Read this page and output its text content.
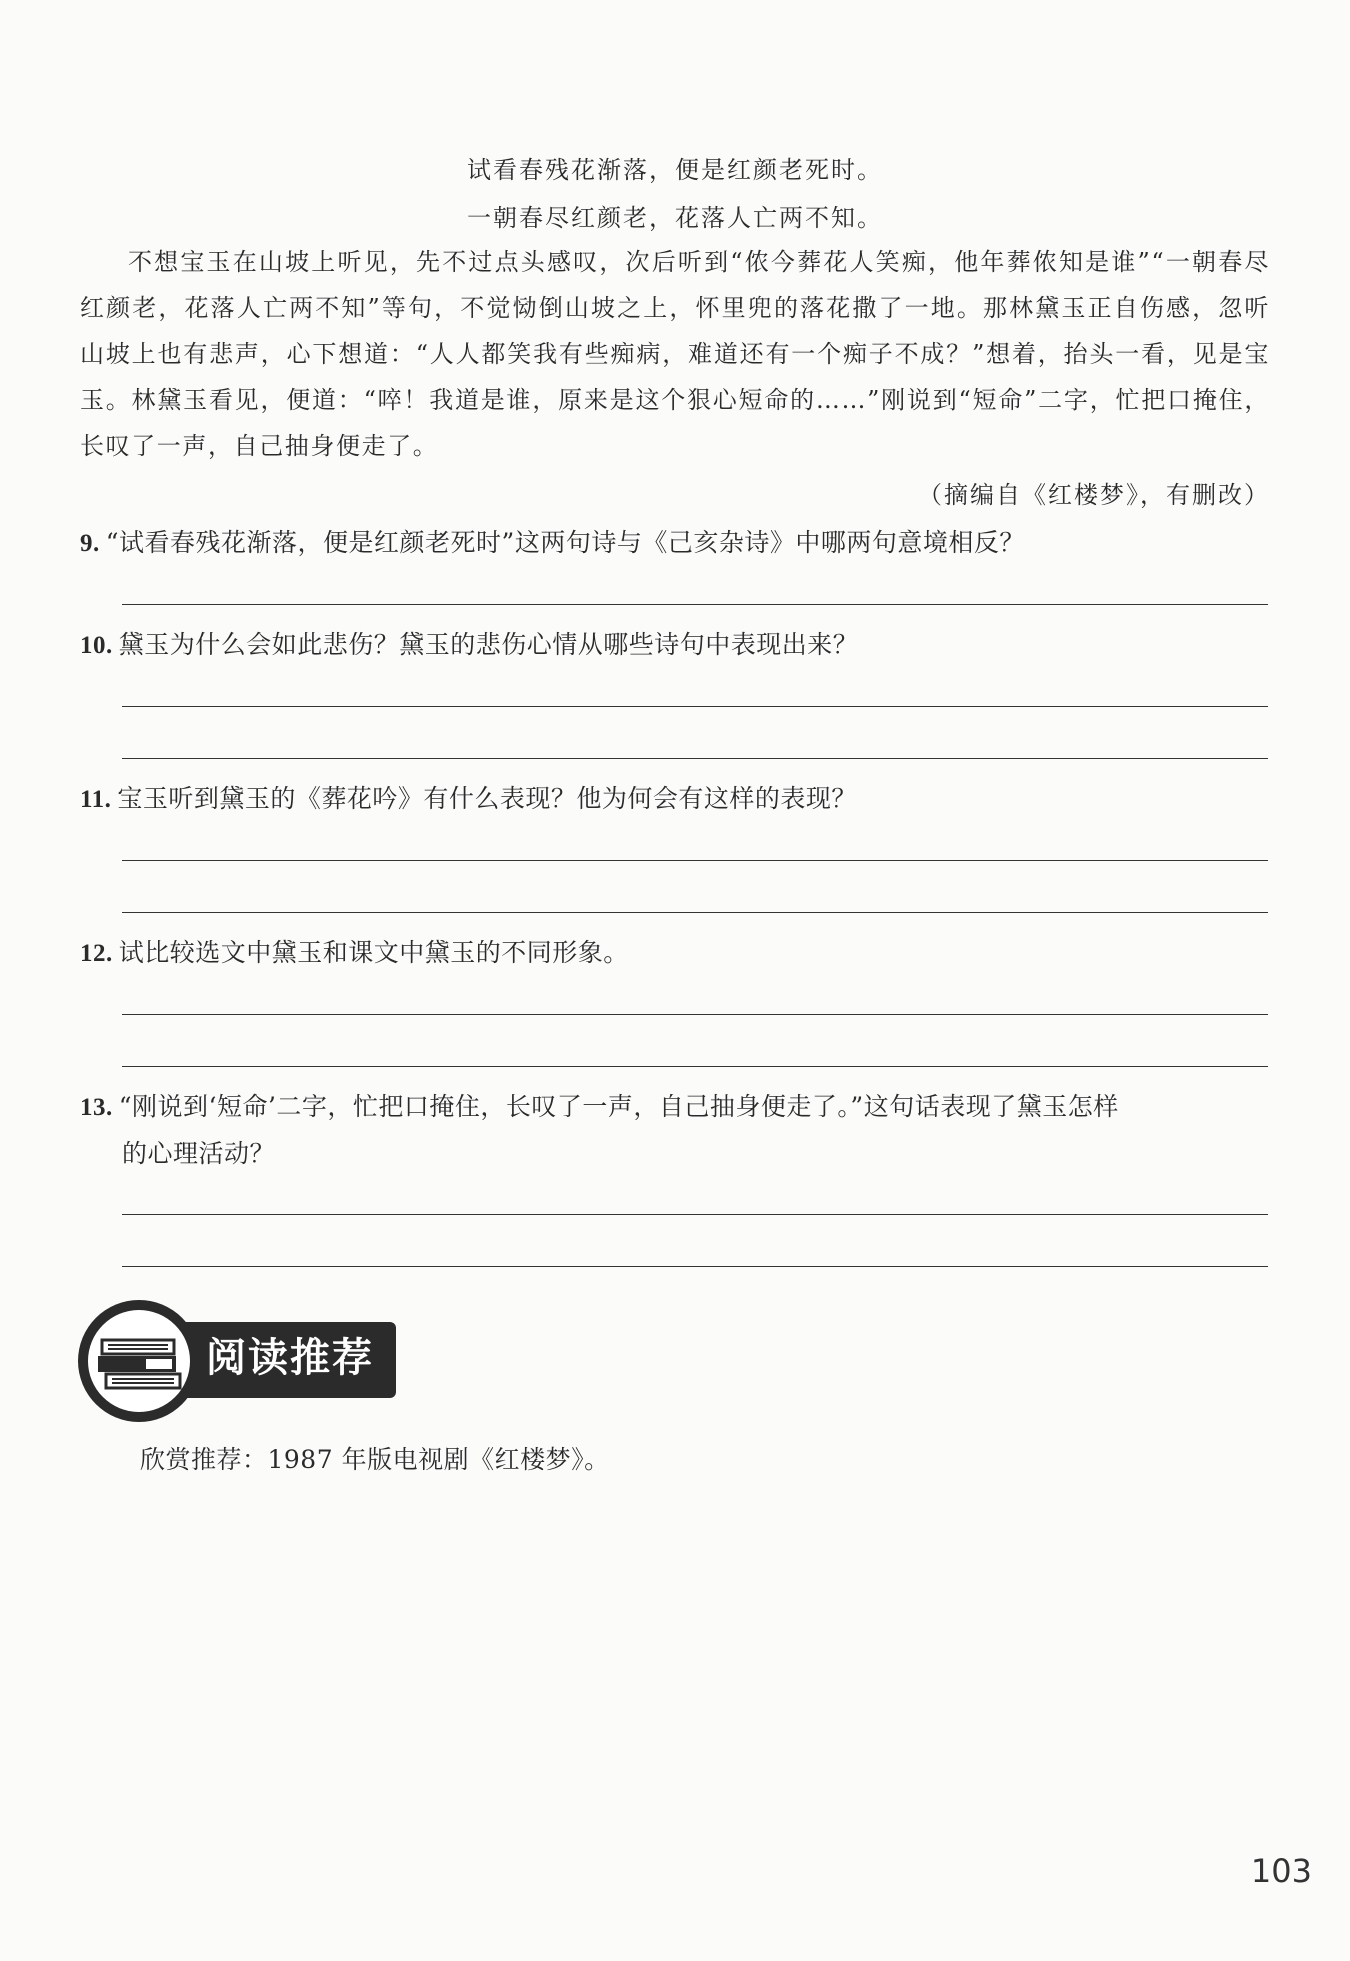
试看春残花渐落，便是红颜老死时。
一朝春尽红颜老，花落人亡两不知。

不想宝玉在山坡上听见，先不过点头感叹，次后听到“侬今葬花人笑痴，他年葬侬知是谁”“一朝春尽红颜老，花落人亡两不知”等句，不觉恸倒山坡之上，怀里兜的落花撒了一地。那林黛玉正自伤感，忽听山坡上也有悲声，心下想道：“人人都笑我有些痴病，难道还有一个痴子不成？”想着，抬头一看，见是宝玉。林黛玉看见，便道：“啐！我道是谁，原来是这个狠心短命的……”刚说到“短命”二字，忙把口掩住，长叹了一声，自己抽身便走了。

（摘编自《红楼梦》，有删改）
9. “试看春残花渐落，便是红颜老死时”这两句诗与《己亥杂诗》中哪两句意境相反？
10. 黛玉为什么会如此悲伤？黛玉的悲伤心情从哪些诗句中表现出来？
11. 宝玉听到黛玉的《葬花吟》有什么表现？他为何会有这样的表现？
12. 试比较选文中黛玉和课文中黛玉的不同形象。
13. “刚说到‘短命’二字，忙把口掩住，长叹了一声，自己抽身便走了。”这句话表现了黛玉怎样
的心理活动？
阅读推荐
欣赏推荐：1987 年版电视剧《红楼梦》。
103
